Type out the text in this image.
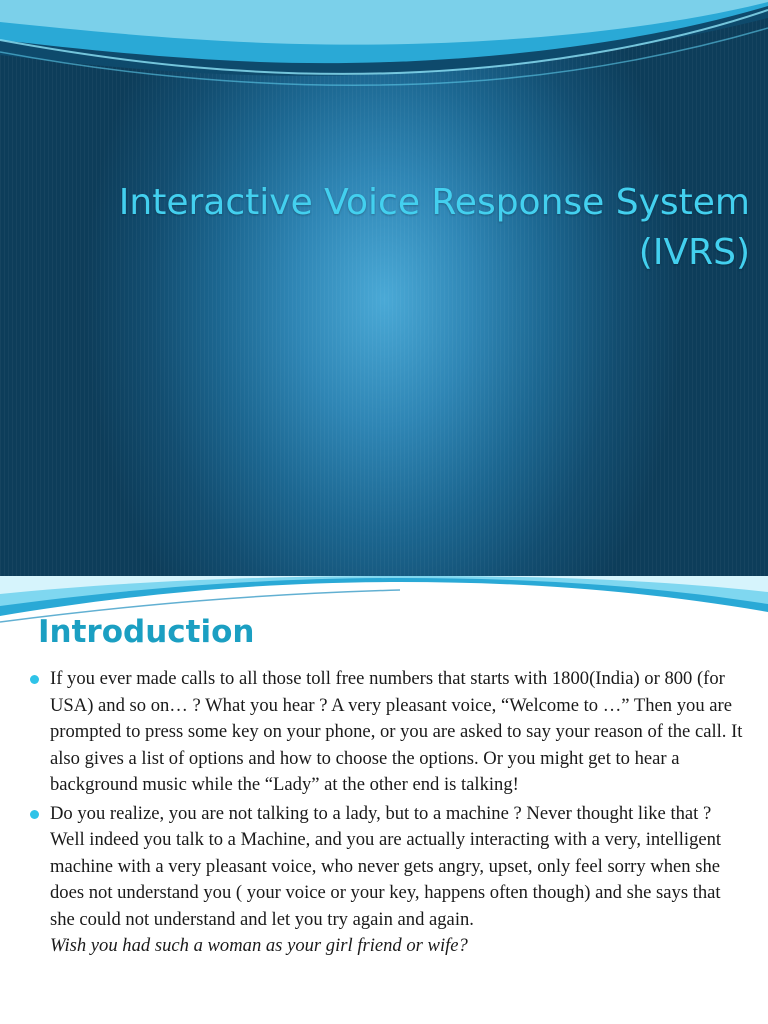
Interactive Voice Response System
(IVRS)
Introduction
If you ever made calls to all those toll free numbers that starts with 1800(India) or 800 (for USA) and so on… ? What you hear ? A very pleasant voice, “Welcome to …” Then you are prompted to press some key on your phone, or you are asked to say your reason of the call. It also gives a list of options and how to choose the options. Or you might get to hear a background music while the “Lady” at the other end is talking!
Do you realize, you are not talking to a lady, but to a machine ? Never thought like that ? Well indeed you talk to a Machine, and you are actually interacting with a very, intelligent machine with a very pleasant voice, who never gets angry, upset, only feel sorry when she does not understand you ( your voice or your key, happens often though) and she says that she could not understand and let you try again and again.
Wish you had such a woman as your girl friend or wife?
